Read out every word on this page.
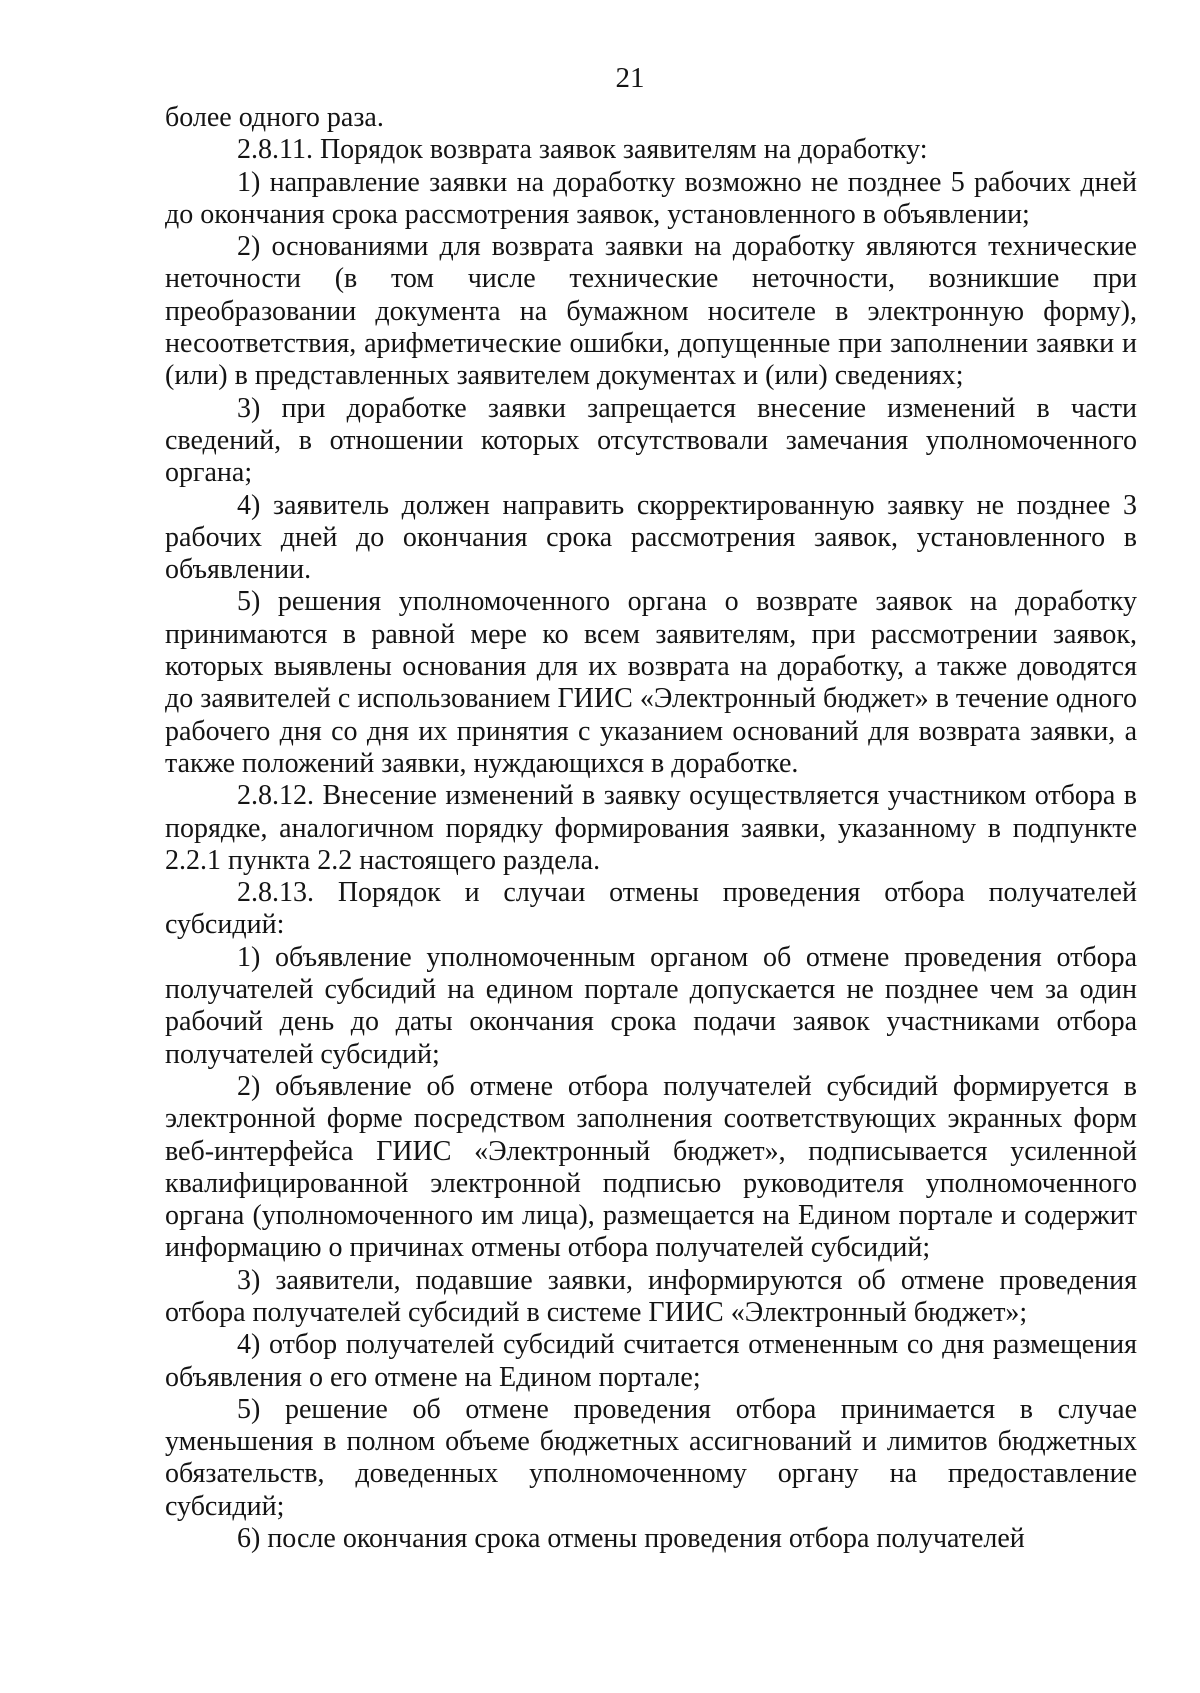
21

более одного раза.

2.8.11. Порядок возврата заявок заявителям на доработку:

1) направление заявки на доработку возможно не позднее 5 рабочих дней до окончания срока рассмотрения заявок, установленного в объявлении;

2) основаниями для возврата заявки на доработку являются технические неточности (в том числе технические неточности, возникшие при преобразовании документа на бумажном носителе в электронную форму), несоответствия, арифметические ошибки, допущенные при заполнении заявки и (или) в представленных заявителем документах и (или) сведениях;

3) при доработке заявки запрещается внесение изменений в части сведений, в отношении которых отсутствовали замечания уполномоченного органа;

4) заявитель должен направить скорректированную заявку не позднее 3 рабочих дней до окончания срока рассмотрения заявок, установленного в объявлении.

5) решения уполномоченного органа о возврате заявок на доработку принимаются в равной мере ко всем заявителям, при рассмотрении заявок, которых выявлены основания для их возврата на доработку, а также доводятся до заявителей с использованием ГИИС «Электронный бюджет» в течение одного рабочего дня со дня их принятия с указанием оснований для возврата заявки, а также положений заявки, нуждающихся в доработке.

2.8.12. Внесение изменений в заявку осуществляется участником отбора в порядке, аналогичном порядку формирования заявки, указанному в подпункте 2.2.1 пункта 2.2 настоящего раздела.

2.8.13. Порядок и случаи отмены проведения отбора получателей субсидий:

1) объявление уполномоченным органом об отмене проведения отбора получателей субсидий на едином портале допускается не позднее чем за один рабочий день до даты окончания срока подачи заявок участниками отбора получателей субсидий;

2) объявление об отмене отбора получателей субсидий формируется в электронной форме посредством заполнения соответствующих экранных форм веб-интерфейса ГИИС «Электронный бюджет», подписывается усиленной квалифицированной электронной подписью руководителя уполномоченного органа (уполномоченного им лица), размещается на Едином портале и содержит информацию о причинах отмены отбора получателей субсидий;

3) заявители, подавшие заявки, информируются об отмене проведения отбора получателей субсидий в системе ГИИС «Электронный бюджет»;

4) отбор получателей субсидий считается отмененным со дня размещения объявления о его отмене на Едином портале;

5) решение об отмене проведения отбора принимается в случае уменьшения в полном объеме бюджетных ассигнований и лимитов бюджетных обязательств, доведенных уполномоченному органу на предоставление субсидий;

6) после окончания срока отмены проведения отбора получателей
